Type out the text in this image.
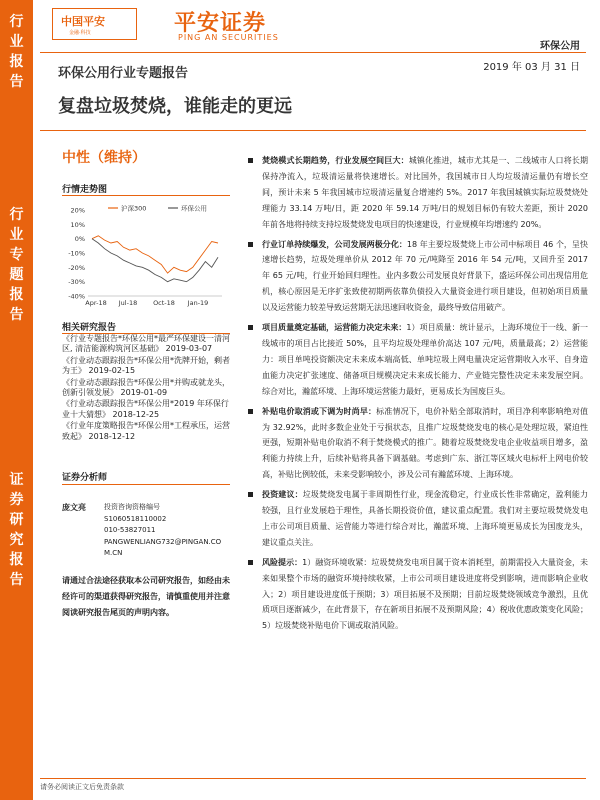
行
业
报
告
行
业
专
题
报
告
证
券
研
究
报
告
中国平安
金融·科技	平安证券
PING AN SECURITIES
环保公用
2019 年 03 月 31 日
环保公用行业专题报告
复盘垃圾焚烧，谁能走的更远
中性（维持）
行情走势图
20%
10%
0%
-10%
-20%
-30%
-40%
Apr-18 Jul-18 Oct-18 Jan-19
沪深300	环保公用
相关研究报告
《行业专题报告*环保公用*最严环保建设一清河区, 清洁能源构筑河区基础》 2019-03-07
《行业动态跟踪报告*环保公用*洗牌开始，剩者为王》 2019-02-15
《行业动态跟踪报告*环保公用*并购或就龙头，创新引领发展》 2019-01-09
《行业动态跟踪报告*环保公用*2019 年环保行业十大猜想》 2018-12-25
《行业年度策略报告*环保公用*工程承压，运营致起》 2018-12-12
证券分析师
庞文亮	投资咨询资格编号
S1060518110002
010-53827011
PANGWENLIANG732@PINGAN.CO
M.CN
请通过合法途径获取本公司研究报告，如经由未经许可的渠道获得研究报告，请慎重使用并注意阅读研究报告尾页的声明内容。
焚烧模式长期趋势，行业发展空间巨大：城镇化推进，城市尤其是一、二线城市人口将长期保持净流入，垃圾清运量将快速增长。对比国外，我国城市日人均垃圾清运量仍有增长空间，预计未来 5 年我国城市垃圾清运量复合增速约 5%。2017 年我国城镇实际垃圾焚烧处理能力 33.14 万吨/日，距 2020 年 59.14 万吨/日的规划目标仍有较大差距，预计 2020 年前各地将持续支持垃圾焚烧发电项目的快速建设，行业规模年均增速约 20%。
行业订单持续爆发，公司发展两极分化：18 年主要垃圾焚烧上市公司中标项目 46 个，呈快速增长趋势，垃圾处理单价从 2012 年 70 元/吨降至 2016 年 54 元/吨，又回升至 2017 年 65 元/吨，行业开始回归理性。业内多数公司发展良好背景下，盛运环保公司出现信用危机，核心原因是无序扩张致使初期两依靠负债投入大量资金进行项目建设，但初始项目质量以及运营能力较差导致运营期无法迅速回收资金，最终导致信用破产。
项目质量奠定基础，运营能力决定未来：1）项目质量：统计显示，上海环境位于一线、新一线城市的项目占比接近 50%，且平均垃圾处理单价高达 107 元/吨，质量最高；2）运营能力：项目单吨投资额决定未来成本端高低、单吨垃圾上网电量决定运营期收入水平、自身造血能力决定扩张速度、储备项目规模决定未来成长能力、产业链完整性决定未来发展空间。综合对比，瀚蓝环境、上海环境运营能力最好，更易成长为国废巨头。
补贴电价取消或下调为时尚早：标准情况下，电价补贴全部取消时，项目净利率影响绝对值为 32.92%，此时多数企业处于亏损状态，且推广垃圾焚烧发电的核心是处理垃圾，紧迫性更强，短期补贴电价取消不利于焚烧模式的推广。随着垃圾焚烧发电企业收益项目增多，盈利能力持续上升，后续补贴将具备下调基础。考虑到广东、浙江等区域火电标杆上网电价较高，补贴比例较低，未来受影响较小，涉及公司有瀚蓝环境、上海环境。
投资建议：垃圾焚烧发电属于非周期性行业，现金流稳定，行业成长性非常确定，盈利能力较强，且行业发展趋于理性，具备长期投资价值，建议重点配置。我们对主要垃圾焚烧发电上市公司项目质量、运营能力等进行综合对比，瀚蓝环境、上海环境更易成长为国废龙头，建议重点关注。
风险提示：1）融资环境收紧：垃圾焚烧发电项目属于资本消耗型，前期需投入大量资金，未来如果整个市场的融资环境持续收紧，上市公司项目建设进度将受到影响，进而影响企业收入；2）项目建设进度低于预期；3）项目拓展不及预期；目前垃圾焚烧领域竞争激烈，且优质项目逐渐减少，在此背景下，存在新项目拓展不及预期风险；4）税收优惠政策变化风险；5）垃圾焚烧补贴电价下调或取消风险。
请务必阅读正文后免责条款
